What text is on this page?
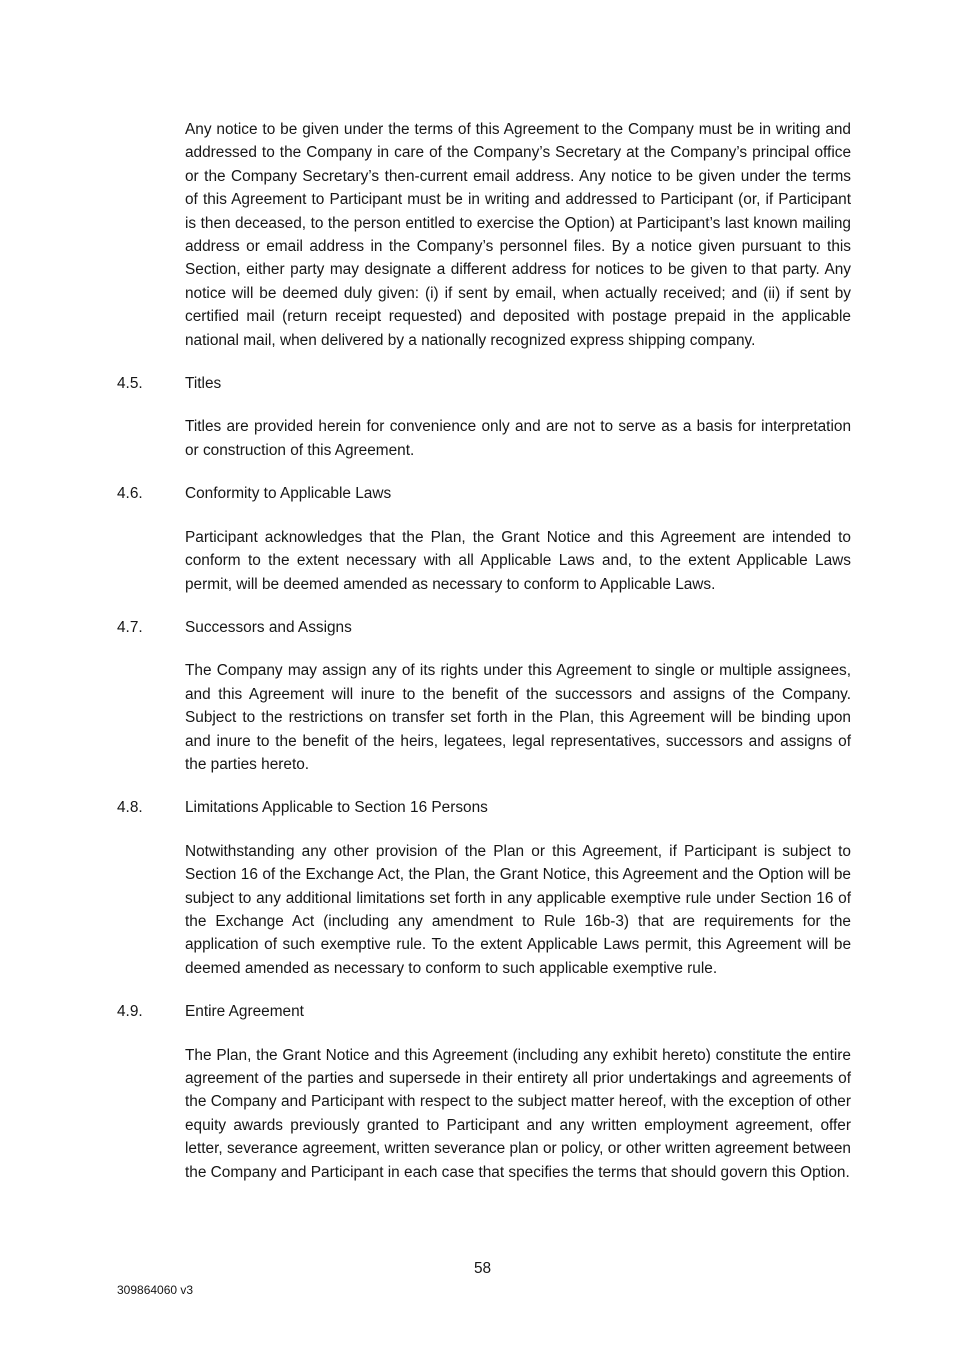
Any notice to be given under the terms of this Agreement to the Company must be in writing and addressed to the Company in care of the Company’s Secretary at the Company’s principal office or the Company Secretary’s then-current email address. Any notice to be given under the terms of this Agreement to Participant must be in writing and addressed to Participant (or, if Participant is then deceased, to the person entitled to exercise the Option) at Participant’s last known mailing address or email address in the Company’s personnel files. By a notice given pursuant to this Section, either party may designate a different address for notices to be given to that party. Any notice will be deemed duly given: (i) if sent by email, when actually received; and (ii) if sent by certified mail (return receipt requested) and deposited with postage prepaid in the applicable national mail, when delivered by a nationally recognized express shipping company.

4.5.	Titles

Titles are provided herein for convenience only and are not to serve as a basis for interpretation or construction of this Agreement.

4.6.	Conformity to Applicable Laws

Participant acknowledges that the Plan, the Grant Notice and this Agreement are intended to conform to the extent necessary with all Applicable Laws and, to the extent Applicable Laws permit, will be deemed amended as necessary to conform to Applicable Laws.

4.7.	Successors and Assigns

The Company may assign any of its rights under this Agreement to single or multiple assignees, and this Agreement will inure to the benefit of the successors and assigns of the Company. Subject to the restrictions on transfer set forth in the Plan, this Agreement will be binding upon and inure to the benefit of the heirs, legatees, legal representatives, successors and assigns of the parties hereto.

4.8.	Limitations Applicable to Section 16 Persons

Notwithstanding any other provision of the Plan or this Agreement, if Participant is subject to Section 16 of the Exchange Act, the Plan, the Grant Notice, this Agreement and the Option will be subject to any additional limitations set forth in any applicable exemptive rule under Section 16 of the Exchange Act (including any amendment to Rule 16b-3) that are requirements for the application of such exemptive rule. To the extent Applicable Laws permit, this Agreement will be deemed amended as necessary to conform to such applicable exemptive rule.

4.9.	Entire Agreement

The Plan, the Grant Notice and this Agreement (including any exhibit hereto) constitute the entire agreement of the parties and supersede in their entirety all prior undertakings and agreements of the Company and Participant with respect to the subject matter hereof, with the exception of other equity awards previously granted to Participant and any written employment agreement, offer letter, severance agreement, written severance plan or policy, or other written agreement between the Company and Participant in each case that specifies the terms that should govern this Option.

58
309864060 v3
